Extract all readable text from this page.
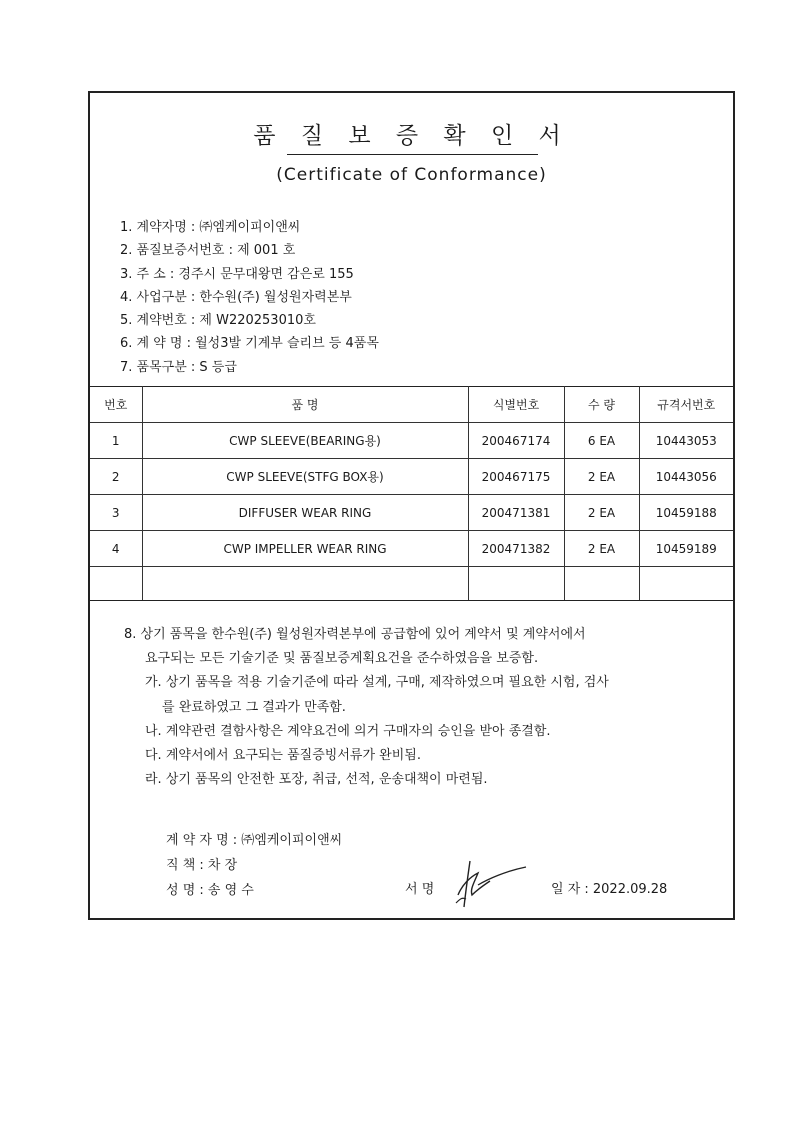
품 질 보 증 확 인 서
(Certificate of Conformance)
1. 계약자명 : ㈜엠케이피이앤씨
2. 품질보증서번호 : 제 001 호
3. 주 소 : 경주시 문무대왕면 감은로 155
4. 사업구분 : 한수원(주) 월성원자력본부
5. 계약번호 : 제 W220253010호
6. 계 약 명 : 월성3발 기계부 슬리브 등 4품목
7. 품목구분 : S 등급
번호	품 명	식별번호	수 량	규격서번호
1	CWP SLEEVE(BEARING용)	200467174	6 EA	10443053
2	CWP SLEEVE(STFG BOX용)	200467175	2 EA	10443056
3	DIFFUSER WEAR RING	200471381	2 EA	10459188
4	CWP IMPELLER WEAR RING	200471382	2 EA	10459189

8. 상기 품목을 한수원(주) 월성원자력본부에 공급함에 있어 계약서 및 계약서에서
요구되는 모든 기술기준 및 품질보증계획요건을 준수하였음을 보증함.
가. 상기 품목을 적용 기술기준에 따라 설계, 구매, 제작하였으며 필요한 시험, 검사
를 완료하였고 그 결과가 만족함.
나. 계약관련 결함사항은 계약요건에 의거 구매자의 승인을 받아 종결함.
다. 계약서에서 요구되는 품질증빙서류가 완비됨.
라. 상기 품목의 안전한 포장, 취급, 선적, 운송대책이 마련됨.
계 약 자 명 : ㈜엠케이피이앤씨
직 책 : 차 장
성 명 : 송 영 수	서 명	일 자 : 2022.09.28
